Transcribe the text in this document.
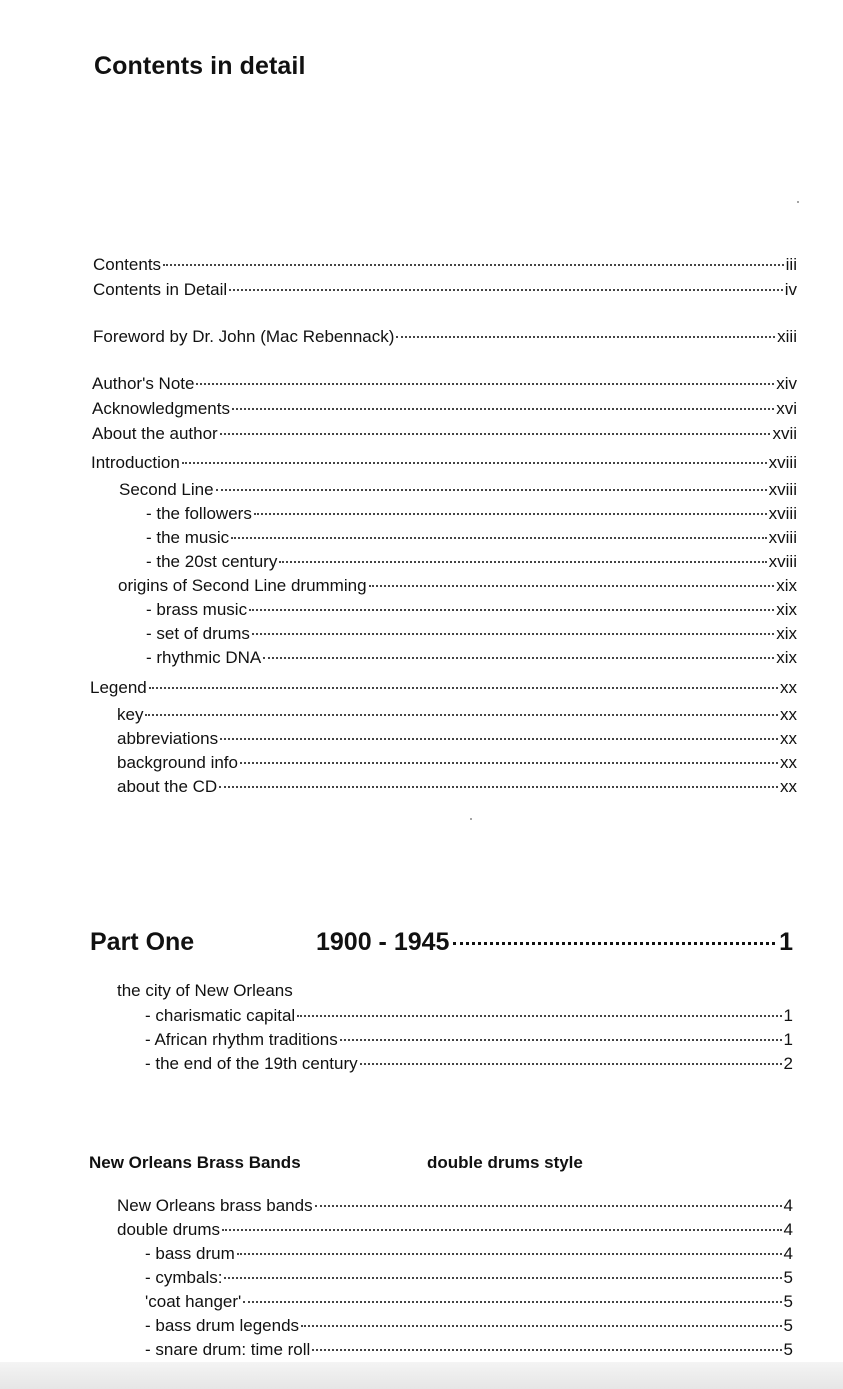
Contents in detail
Contents	iii
Contents in Detail	iv
Foreword by Dr. John (Mac Rebennack)	xiii
Author's Note	xiv
Acknowledgments	xvi
About the author	xvii
Introduction	xviii
Second Line	xviii
- the followers	xviii
- the music	xviii
- the 20st century	xviii
origins of Second Line drumming	xix
- brass music	xix
- set of drums	xix
- rhythmic DNA	xix
Legend	xx
key	xx
abbreviations	xx
background info	xx
about the CD	xx
Part One	1900 - 1945	1
the city of New Orleans
- charismatic capital	1
- African rhythm traditions	1
- the end of the 19th century	2
New Orleans Brass Bands	double drums style
New Orleans brass bands	4
double drums	4
- bass drum	4
- cymbals:	5
'coat hanger'	5
- bass drum legends	5
- snare drum: time roll	5
